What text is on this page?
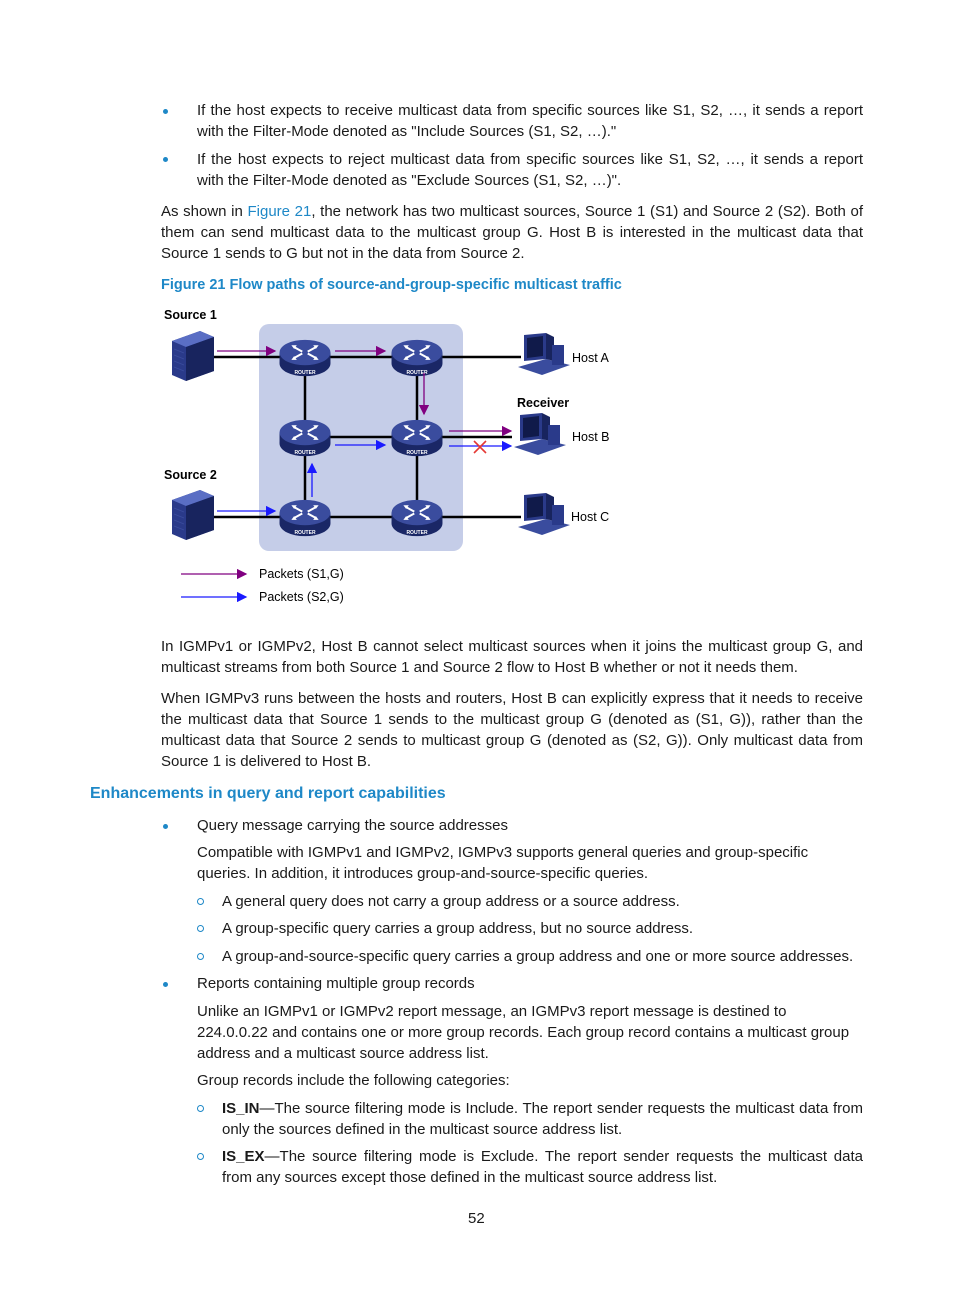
If the host expects to receive multicast data from specific sources like S1, S2, …, it sends a report with the Filter-Mode denoted as "Include Sources (S1, S2, …)."
If the host expects to reject multicast data from specific sources like S1, S2, …, it sends a report with the Filter-Mode denoted as "Exclude Sources (S1, S2, …)".
As shown in Figure 21, the network has two multicast sources, Source 1 (S1) and Source 2 (S2). Both of them can send multicast data to the multicast group G. Host B is interested in the multicast data that Source 1 sends to G but not in the data from Source 2.
Figure 21 Flow paths of source-and-group-specific multicast traffic
ROUTER	ROUTER
ROUTER	ROUTER
ROUTER	ROUTER
Source 1
Source 2
Host A
Host B
Host C
Receiver
Packets (S1,G)
Packets (S2,G)
In IGMPv1 or IGMPv2, Host B cannot select multicast sources when it joins the multicast group G, and multicast streams from both Source 1 and Source 2 flow to Host B whether or not it needs them.
When IGMPv3 runs between the hosts and routers, Host B can explicitly express that it needs to receive the multicast data that Source 1 sends to the multicast group G (denoted as (S1, G)), rather than the multicast data that Source 2 sends to multicast group G (denoted as (S2, G)). Only multicast data from Source 1 is delivered to Host B.
Enhancements in query and report capabilities
Query message carrying the source addresses
Compatible with IGMPv1 and IGMPv2, IGMPv3 supports general queries and group-specific queries. In addition, it introduces group-and-source-specific queries.
A general query does not carry a group address or a source address.
A group-specific query carries a group address, but no source address.
A group-and-source-specific query carries a group address and one or more source addresses.
Reports containing multiple group records
Unlike an IGMPv1 or IGMPv2 report message, an IGMPv3 report message is destined to 224.0.0.22 and contains one or more group records. Each group record contains a multicast group address and a multicast source address list.
Group records include the following categories:
IS_IN—The source filtering mode is Include. The report sender requests the multicast data from only the sources defined in the multicast source address list.
IS_EX—The source filtering mode is Exclude. The report sender requests the multicast data from any sources except those defined in the multicast source address list.
52
